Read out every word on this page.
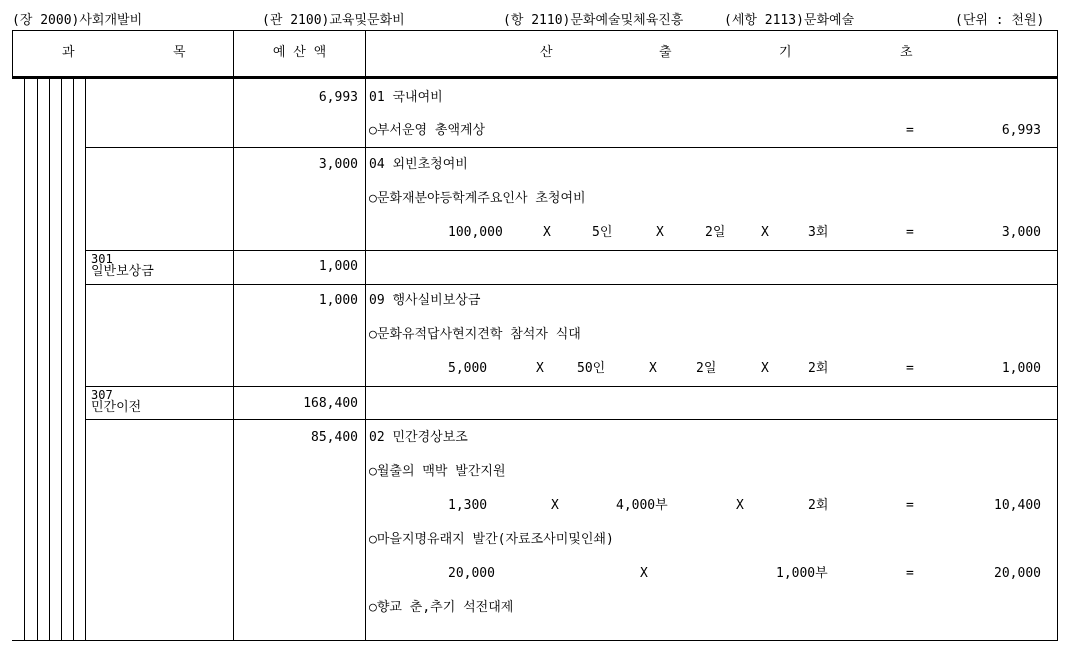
(장 2000)사회개발비	(관 2100)교육및문화비	(항 2110)문화예술및체육진흥	(세항 2113)문화예술	(단위 : 천원)
과	목	예 산 액	산	출	기	초
6,993 01 국내여비
○부서운영 총액계상	=	6,993
3,000 04 외빈초청여비
○문화재분야등학계주요인사 초청여비
100,000	X	5인	X	2일	X	3회	=	3,000
301
일반보상금	1,000
1,000 09 행사실비보상금
○문화유적답사현지견학 참석자 식대
5,000	X	50인	X	2일	X	2회	=	1,000
307
민간이전	168,400
85,400 02 민간경상보조
○월출의 맥박 발간지원
1,300	X	4,000부	X	2회	=	10,400
○마을지명유래지 발간(자료조사미및인쇄)
20,000	X	1,000부	=	20,000
○향교 춘,추기 석전대제
